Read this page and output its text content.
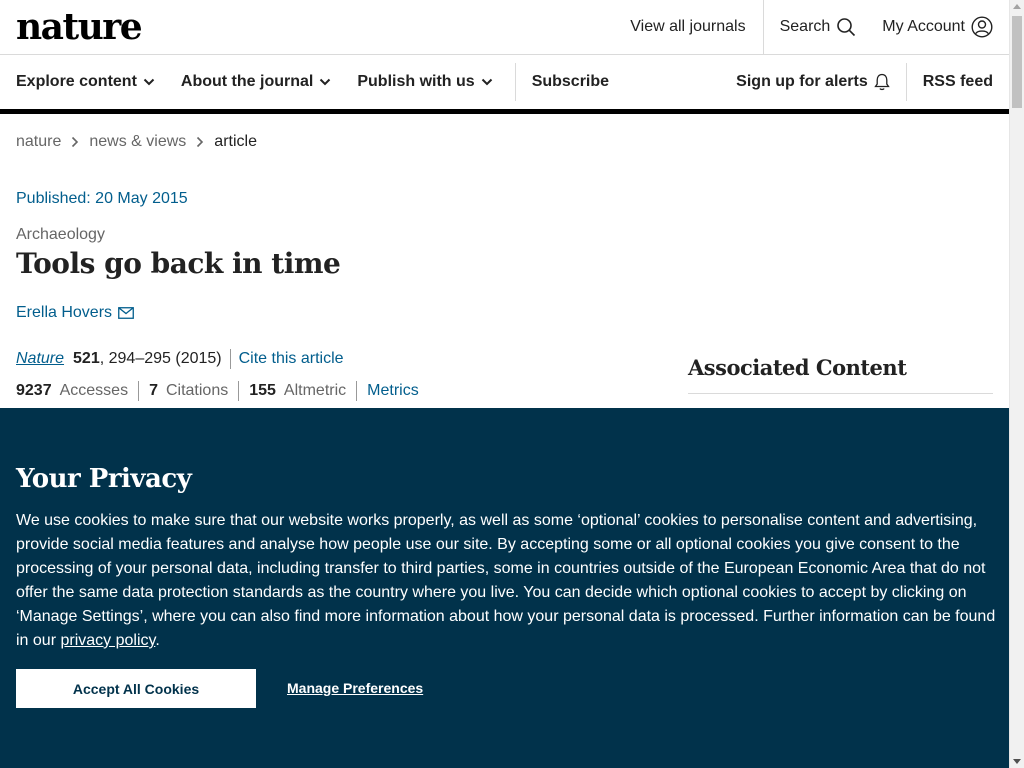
nature	View all journals Search	My Account
Explore content	About the journal	Publish with us	Subscribe	Sign up for alerts	RSS feed
nature news & views article
Published: 20 May 2015
Archaeology
Tools go back in time
Erella Hovers
Nature 521 , 294–295 (2015) Cite this article
9237 Accesses 7 Citations 155 Altmetric Metrics
Associated Content
Your Privacy

We use cookies to make sure that our website works properly, as well as some ‘optional’ cookies to personalise content and advertising, provide social media features and analyse how people use our site. By accepting some or all optional cookies you give consent to the processing of your personal data, including transfer to third parties, some in countries outside of the European Economic Area that do not offer the same data protection standards as the country where you live. You can decide which optional cookies to accept by clicking on ‘Manage Settings’, where you can also find more information about how your personal data is processed. Further information can be found in our privacy policy.

Accept All Cookies	Manage Preferences
